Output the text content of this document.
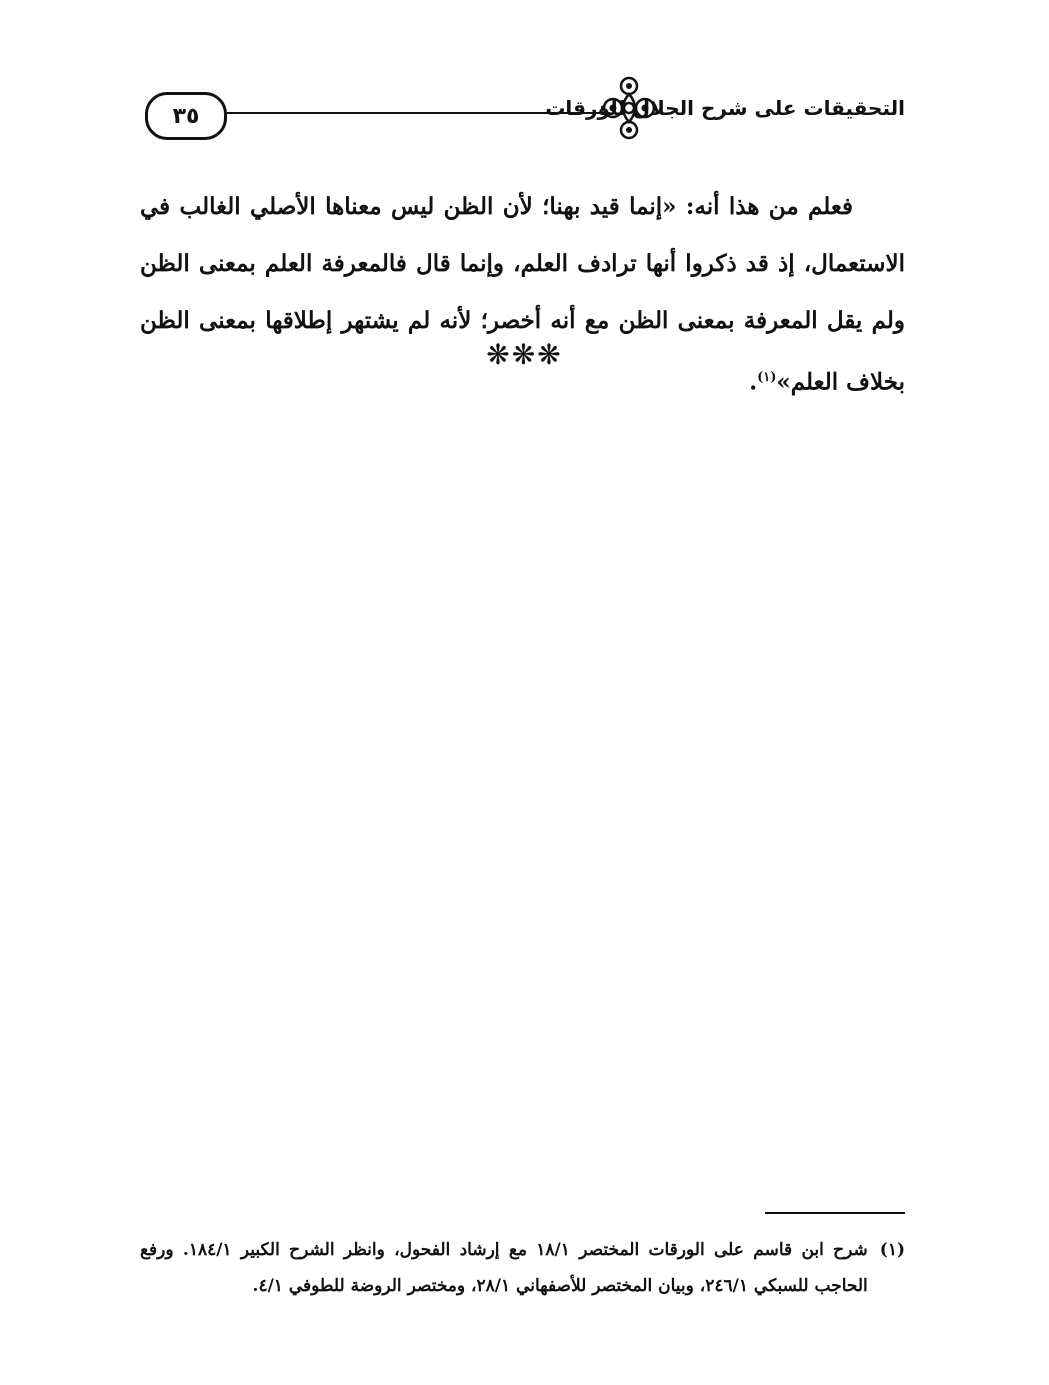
٣٥	التحقيقات على شرح الجلال للورقات

فعلم من هذا أنه: «إنما قيد بهنا؛ لأن الظن ليس معناها الأصلي الغالب في الاستعمال، إذ قد ذكروا أنها ترادف العلم، وإنما قال فالمعرفة العلم بمعنى الظن ولم يقل المعرفة بمعنى الظن مع أنه أخصر؛ لأنه لم يشتهر إطلاقها بمعنى الظن بخلاف العلم»$^{(١)}$.

❋❋❋
(١)
شرح ابن قاسم على الورقات المختصر ١٨/١ مع إرشاد الفحول، وانظر الشرح الكبير ١٨٤/١. ورفع الحاجب للسبكي ٢٤٦/١، وبيان المختصر للأصفهاني ٢٨/١، ومختصر الروضة للطوفي ٤/١.
